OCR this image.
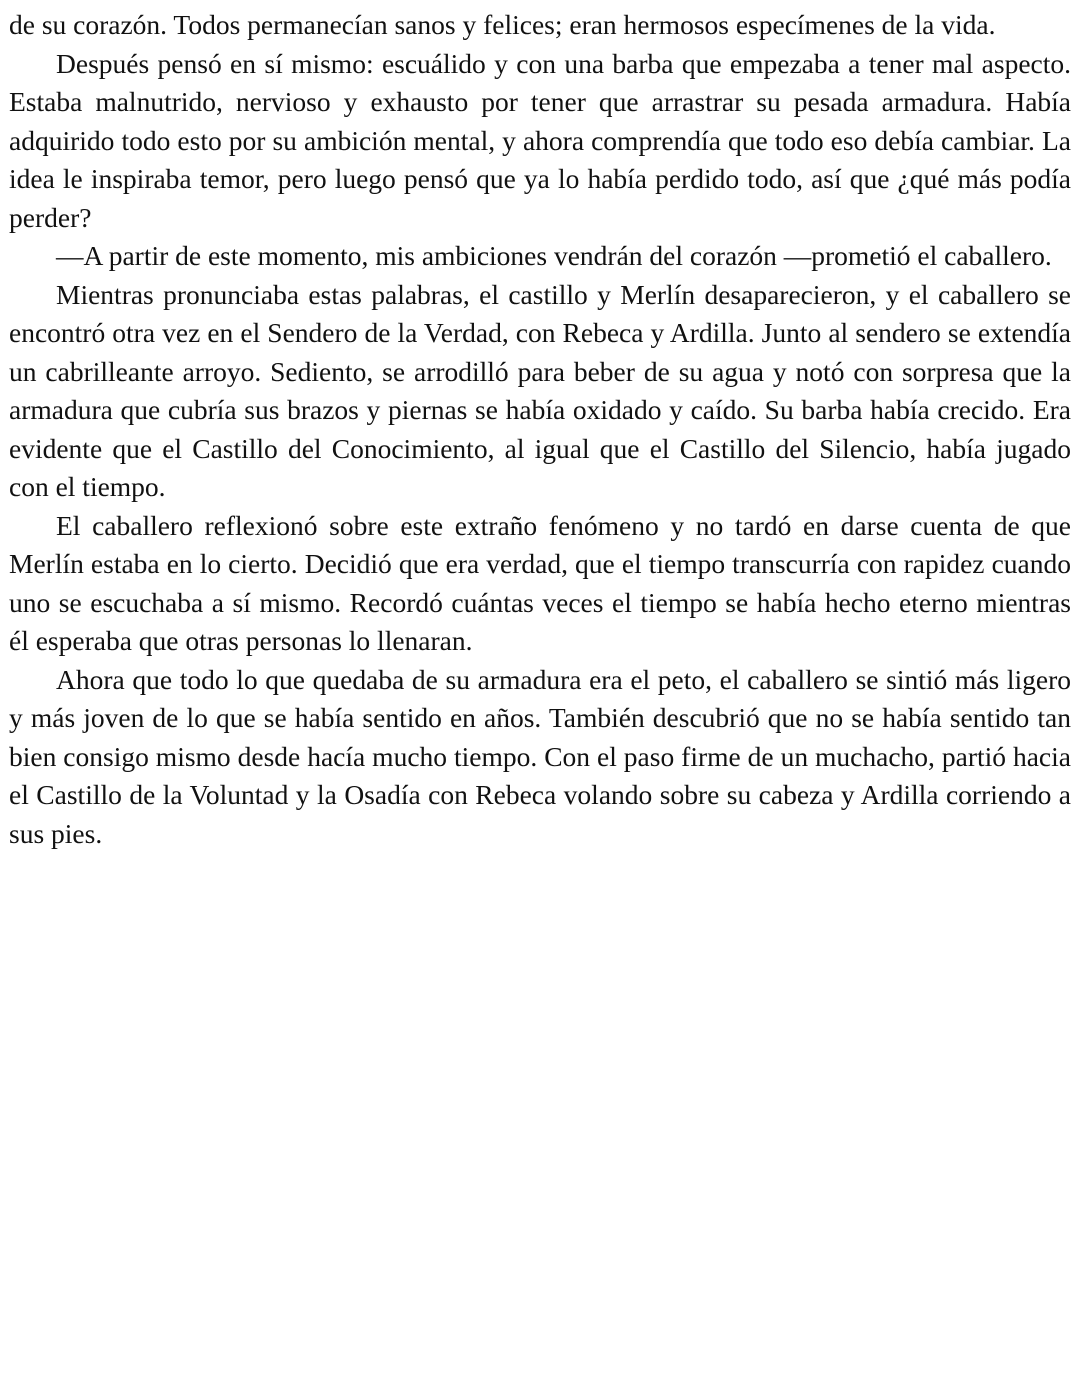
de su corazón. Todos permanecían sanos y felices; eran hermosos especímenes de la vida.

Después pensó en sí mismo: escuálido y con una barba que empezaba a tener mal aspecto. Estaba malnutrido, nervioso y exhausto por tener que arrastrar su pesada armadura. Había adquirido todo esto por su ambición mental, y ahora comprendía que todo eso debía cambiar. La idea le inspiraba temor, pero luego pensó que ya lo había perdido todo, así que ¿qué más podía perder?

—A partir de este momento, mis ambiciones vendrán del corazón —prometió el caballero.

Mientras pronunciaba estas palabras, el castillo y Merlín desaparecieron, y el caballero se encontró otra vez en el Sendero de la Verdad, con Rebeca y Ardilla. Junto al sendero se extendía un cabrilleante arroyo. Sediento, se arrodilló para beber de su agua y notó con sorpresa que la armadura que cubría sus brazos y piernas se había oxidado y caído. Su barba había crecido. Era evidente que el Castillo del Conocimiento, al igual que el Castillo del Silencio, había jugado con el tiempo.

El caballero reflexionó sobre este extraño fenómeno y no tardó en darse cuenta de que Merlín estaba en lo cierto. Decidió que era verdad, que el tiempo transcurría con rapidez cuando uno se escuchaba a sí mismo. Recordó cuántas veces el tiempo se había hecho eterno mientras él esperaba que otras personas lo llenaran.

Ahora que todo lo que quedaba de su armadura era el peto, el caballero se sintió más ligero y más joven de lo que se había sentido en años. También descubrió que no se había sentido tan bien consigo mismo desde hacía mucho tiempo. Con el paso firme de un muchacho, partió hacia el Castillo de la Voluntad y la Osadía con Rebeca volando sobre su cabeza y Ardilla corriendo a sus pies.
